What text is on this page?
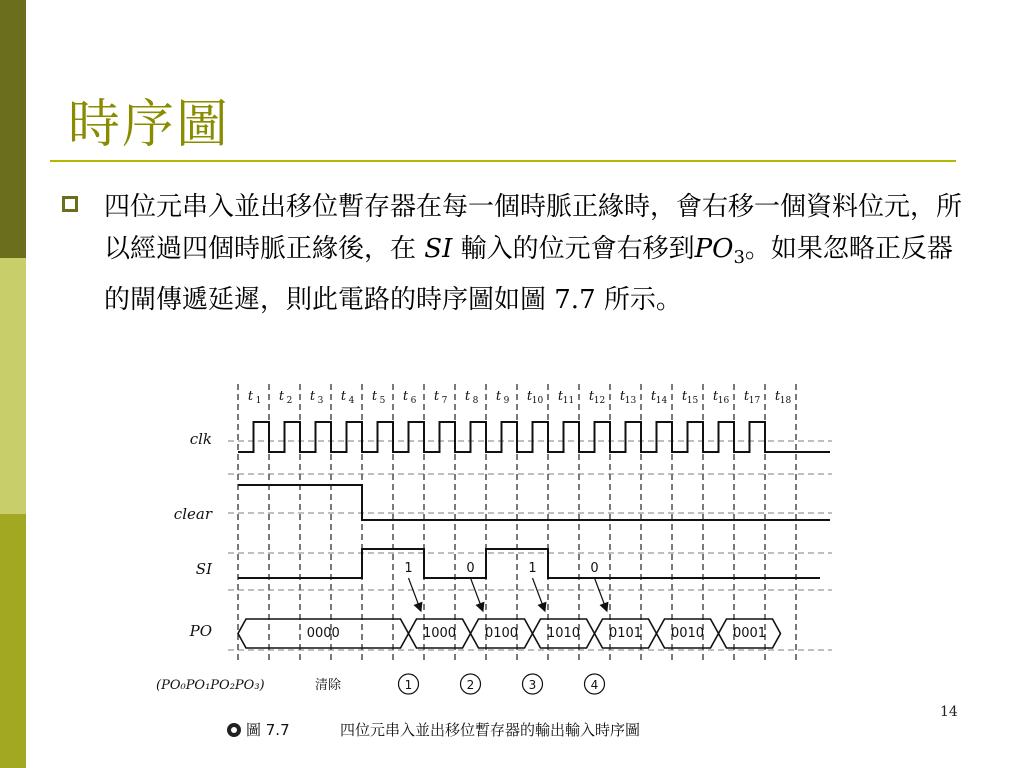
時序圖
四位元串入並出移位暫存器在每一個時脈正緣時，會右移一個資料位元，所以經過四個時脈正緣後，在 SI 輸入的位元會右移到$PO_3$。如果忽略正反器的閘傳遞延遲，則此電路的時序圖如圖 7.7 所示。
t 1 t 2 t 3 t 4 t 5 t 6 t 7 t 8 t 9 t 10 t 11 t 12 t 13 t 14 t 15 t 16 t 17 t 18
clk
clear
SI
PO
1	0	1	0
0000	1000 0100 1010 0101 0010 0001
(PO₀PO₁PO₂PO₃)	清除	1	2	3	4
圖 7.7	四位元串入並出移位暫存器的輸出輸入時序圖
14
